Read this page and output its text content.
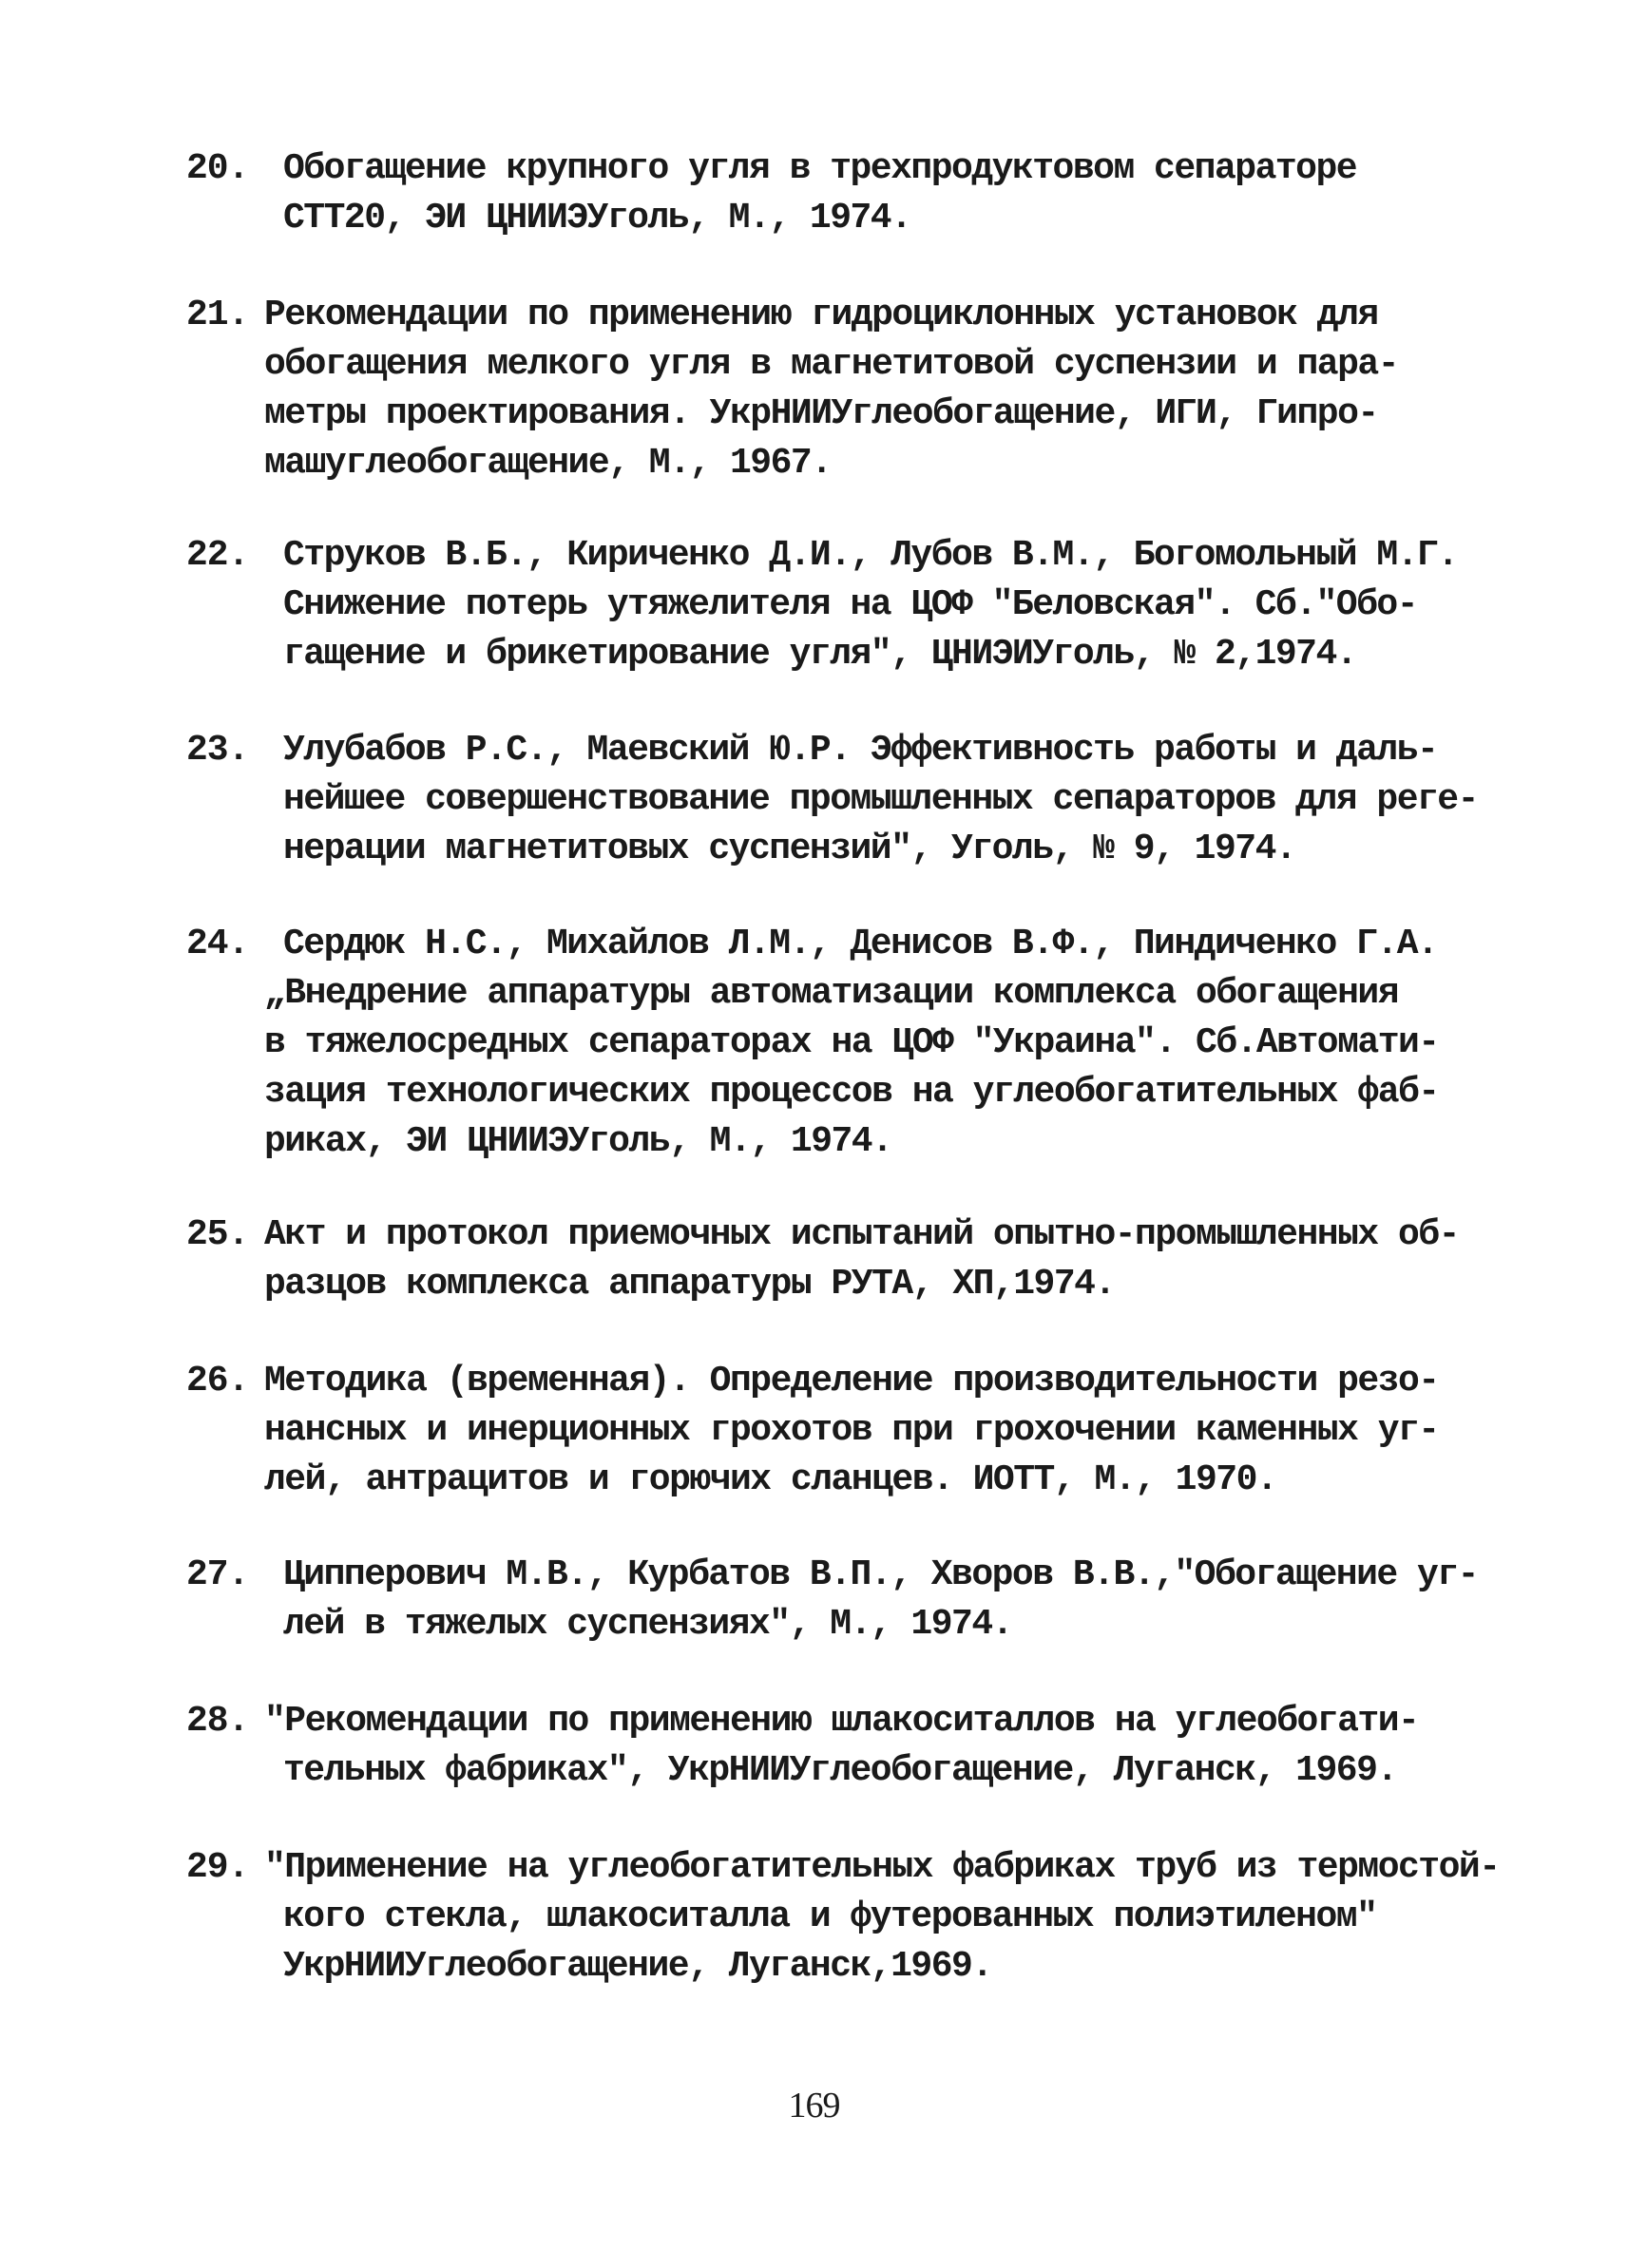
20. Обогащение крупного угля в трехпродуктовом сепараторе
СТТ20, ЭИ ЦНИИЭУголь, М., 1974.
21. Рекомендации по применению гидроциклонных установок для
обогащения мелкого угля в магнетитовой суспензии и пара-
метры проектирования. УкрНИИУглеобогащение, ИГИ, Гипро-
машуглеобогащение, М., 1967.
22. Струков В.Б., Кириченко Д.И., Лубов В.М., Богомольный М.Г.
Снижение потерь утяжелителя на ЦОФ "Беловская". Сб."Обо-
гащение и брикетирование угля", ЦНИЭИУголь, № 2,1974.
23. Улубабов Р.С., Маевский Ю.Р. Эффективность работы и даль-
нейшее совершенствование промышленных сепараторов для реге-
нерации магнетитовых суспензий", Уголь, № 9, 1974.
24. Сердюк Н.С., Михайлов Л.М., Денисов В.Ф., Пиндиченко Г.А.
„Внедрение аппаратуры автоматизации комплекса обогащения
в тяжелосредных сепараторах на ЦОФ "Украина". Сб.Автомати-
зация технологических процессов на углеобогатительных фаб-
риках, ЭИ ЦНИИЭУголь, М., 1974.
25. Акт и протокол приемочных испытаний опытно-промышленных об-
разцов комплекса аппаратуры РУТА, ХП,1974.
26. Методика (временная). Определение производительности резо-
нансных и инерционных грохотов при грохочении каменных уг-
лей, антрацитов и горючих сланцев. ИОТТ, М., 1970.
27. Ципперович М.В., Курбатов В.П., Хворов В.В.,"Обогащение уг-
лей в тяжелых суспензиях", М., 1974.
28. "Рекомендации по применению шлакоситаллов на углеобогати-
тельных фабриках", УкрНИИУглеобогащение, Луганск, 1969.
29. "Применение на углеобогатительных фабриках труб из термостой-
кого стекла, шлакоситалла и футерованных полиэтиленом"
УкрНИИУглеобогащение, Луганск,1969.
169
